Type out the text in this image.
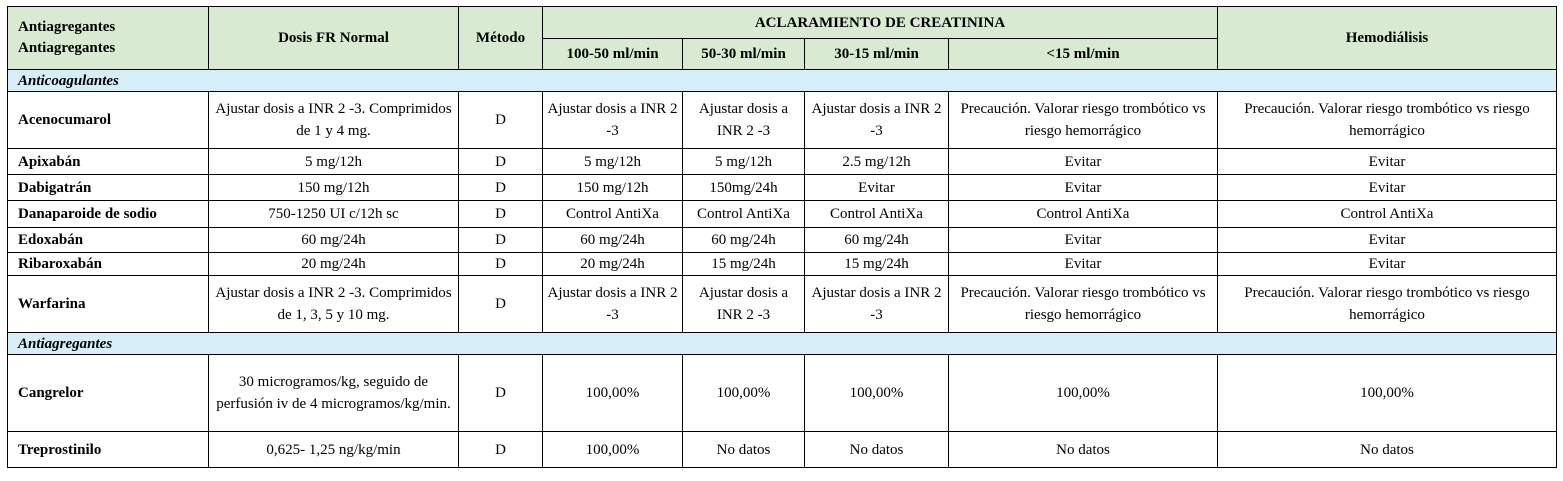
Antiagregantes
Antiagregantes	Dosis FR Normal	Método	ACLARAMIENTO DE CREATININA				Hemodiálisis
			100-50 ml/min	50-30 ml/min	30-15 ml/min	<15 ml/min	
Anticoagulantes							
Acenocumarol	Ajustar dosis a INR 2 -3. Comprimidos de 1 y 4 mg.	D	Ajustar dosis a INR 2 -3	Ajustar dosis a INR 2 -3	Ajustar dosis a INR 2 -3	Precaución. Valorar riesgo trombótico vs riesgo hemorrágico	Precaución. Valorar riesgo trombótico vs riesgo hemorrágico
Apixabán	5 mg/12h	D	5 mg/12h	5 mg/12h	2.5 mg/12h	Evitar	Evitar
Dabigatrán	150 mg/12h	D	150 mg/12h	150mg/24h	Evitar	Evitar	Evitar
Danaparoide de sodio	750-1250 UI c/12h sc	D	Control AntiXa	Control AntiXa	Control AntiXa	Control AntiXa	Control AntiXa
Edoxabán	60 mg/24h	D	60 mg/24h	60 mg/24h	60 mg/24h	Evitar	Evitar
Ribaroxabán	20 mg/24h	D	20 mg/24h	15 mg/24h	15 mg/24h	Evitar	Evitar
Warfarina	Ajustar dosis a INR 2 -3. Comprimidos de 1, 3, 5 y 10 mg.	D	Ajustar dosis a INR 2 -3	Ajustar dosis a INR 2 -3	Ajustar dosis a INR 2 -3	Precaución. Valorar riesgo trombótico vs riesgo hemorrágico	Precaución. Valorar riesgo trombótico vs riesgo hemorrágico
Antiagregantes							
Cangrelor	30 microgramos/kg, seguido de perfusión iv de 4 microgramos/kg/min.	D	100,00%	100,00%	100,00%	100,00%	100,00%
Treprostinilo	0,625- 1,25 ng/kg/min	D	100,00%	No datos	No datos	No datos	No datos
